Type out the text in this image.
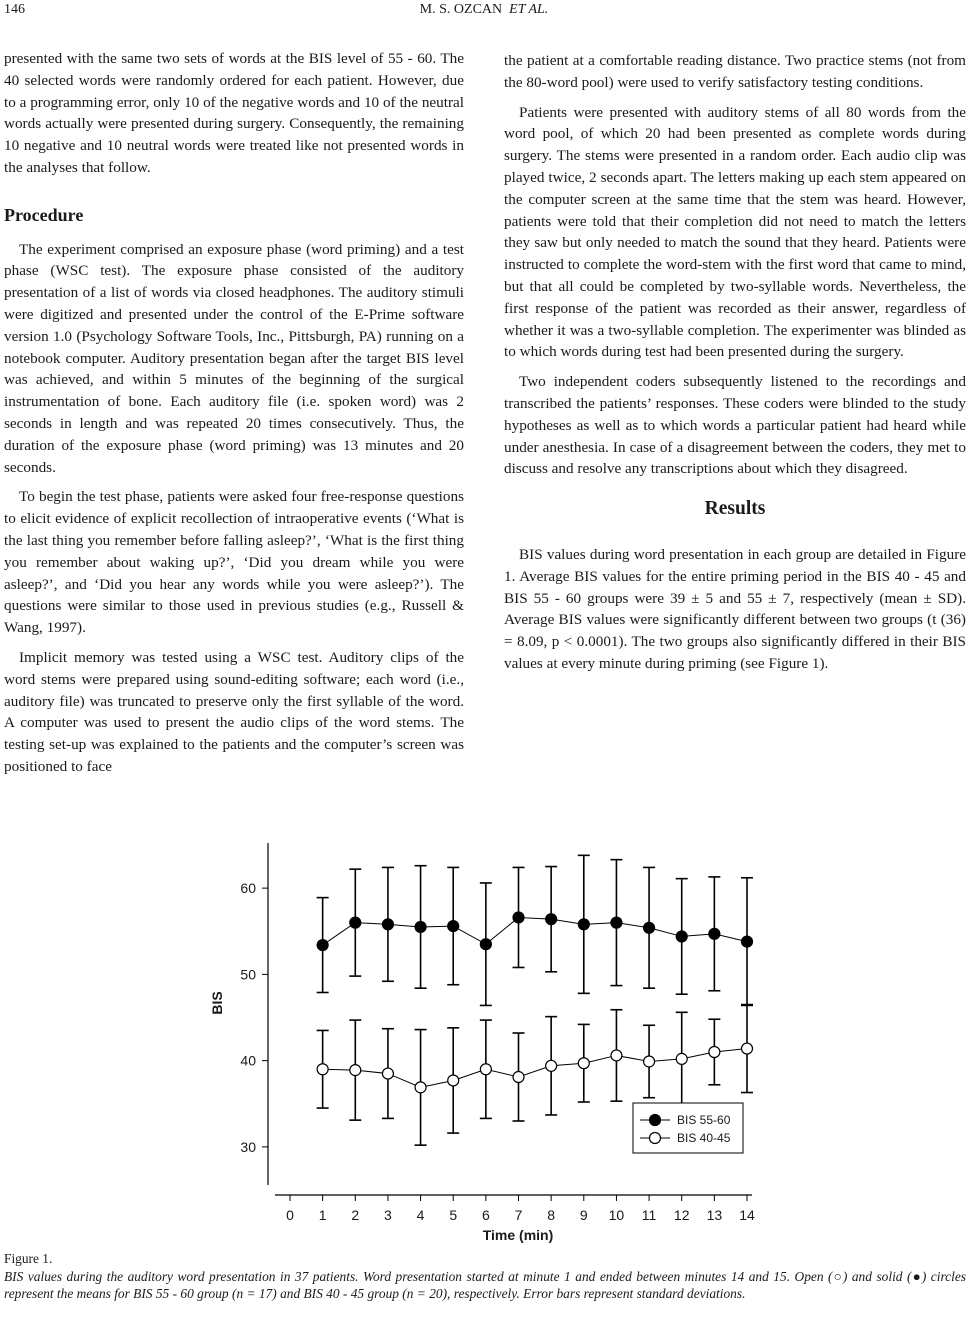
146	M. S. OZCAN ET AL.

presented with the same two sets of words at the BIS level of 55 - 60. The 40 selected words were randomly ordered for each patient. However, due to a programming error, only 10 of the negative words and 10 of the neutral words actually were presented during surgery. Consequently, the remaining 10 negative and 10 neutral words were treated like not presented words in the analyses that follow.

Procedure

The experiment comprised an exposure phase (word priming) and a test phase (WSC test). The exposure phase consisted of the auditory presentation of a list of words via closed headphones. The auditory stimuli were digitized and presented under the control of the E-Prime software version 1.0 (Psychology Software Tools, Inc., Pittsburgh, PA) running on a notebook computer. Auditory presentation began after the target BIS level was achieved, and within 5 minutes of the beginning of the surgical instrumentation of bone. Each auditory file (i.e. spoken word) was 2 seconds in length and was repeated 20 times consecutively. Thus, the duration of the exposure phase (word priming) was 13 minutes and 20 seconds.

To begin the test phase, patients were asked four free-response questions to elicit evidence of explicit recollection of intraoperative events (‘What is the last thing you remember before falling asleep?’, ‘What is the first thing you remember about waking up?’, ‘Did you dream while you were asleep?’, and ‘Did you hear any words while you were asleep?’). The questions were similar to those used in previous studies (e.g., Russell & Wang, 1997).

Implicit memory was tested using a WSC test. Auditory clips of the word stems were prepared using sound-editing software; each word (i.e., auditory file) was truncated to preserve only the first syllable of the word. A computer was used to present the audio clips of the word stems. The testing set-up was explained to the patients and the computer’s screen was positioned to face

the patient at a comfortable reading distance. Two practice stems (not from the 80-word pool) were used to verify satisfactory testing conditions.

Patients were presented with auditory stems of all 80 words from the word pool, of which 20 had been presented as complete words during surgery. The stems were presented in a random order. Each audio clip was played twice, 2 seconds apart. The letters making up each stem appeared on the computer screen at the same time that the stem was heard. However, patients were told that their completion did not need to match the letters they saw but only needed to match the sound that they heard. Patients were instructed to complete the word-stem with the first word that came to mind, but that all could be completed by two-syllable words. Nevertheless, the first response of the patient was recorded as their answer, regardless of whether it was a two-syllable completion. The experimenter was blinded as to which words during test had been presented during the surgery.

Two independent coders subsequently listened to the recordings and transcribed the patients’ responses. These coders were blinded to the study hypotheses as well as to which words a particular patient had heard while under anesthesia. In case of a disagreement between the coders, they met to discuss and resolve any transcriptions about which they disagreed.

Results

BIS values during word presentation in each group are detailed in Figure 1. Average BIS values for the entire priming period in the BIS 40 - 45 and BIS 55 - 60 groups were 39 ± 5 and 55 ± 7, respectively (mean ± SD). Average BIS values were significantly different between two groups (t (36) = 8.09, p < 0.0001). The two groups also significantly differed in their BIS values at every minute during priming (see Figure 1).

30
40
50
60
0 1 2 3 4 5 6 7 8 9 10 11 12 13 14
Time (min)
BIS
BIS 55-60
BIS 40-45
Figure 1.
BIS values during the auditory word presentation in 37 patients. Word presentation started at minute 1 and ended between minutes 14 and 15. Open (○) and solid (●) circles represent the means for BIS 55 - 60 group (n = 17) and BIS 40 - 45 group (n = 20), respectively. Error bars represent standard deviations.
